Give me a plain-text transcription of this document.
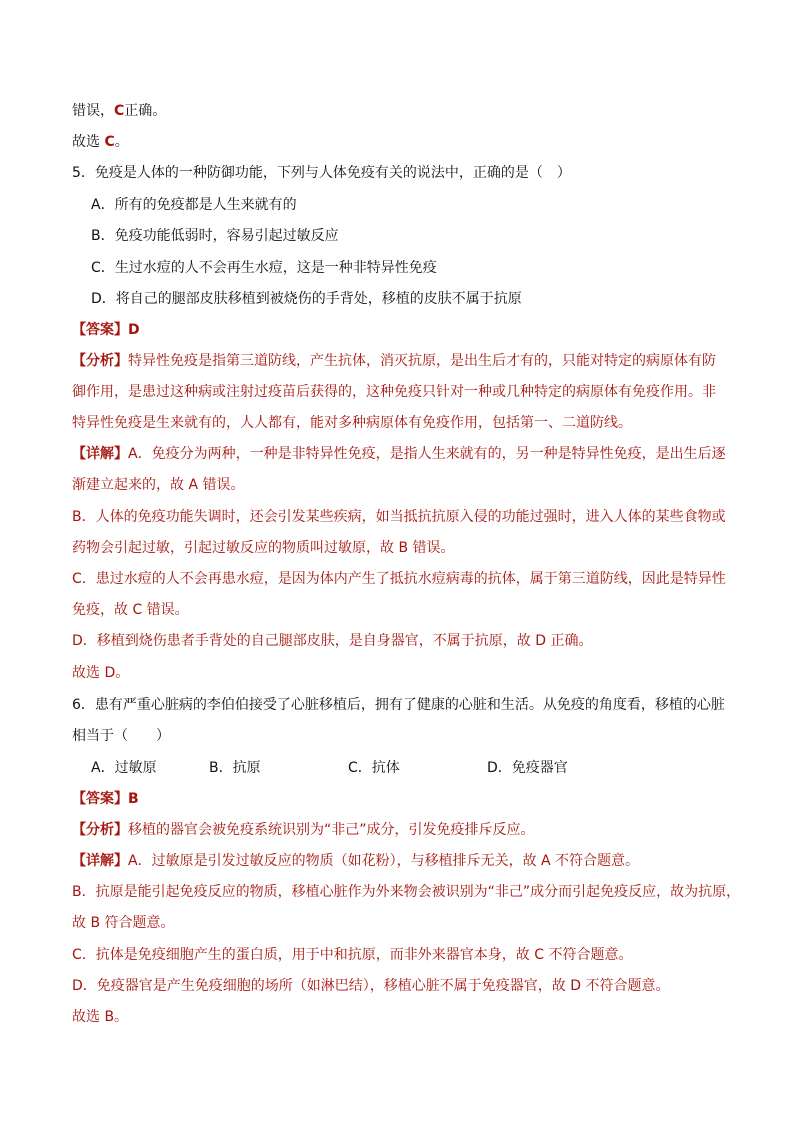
错误，C正确。
故选 C。
5．免疫是人体的一种防御功能，下列与人体免疫有关的说法中，正确的是（　）
A．所有的免疫都是人生来就有的
B．免疫功能低弱时，容易引起过敏反应
C．生过水痘的人不会再生水痘，这是一种非特异性免疫
D．将自己的腿部皮肤移植到被烧伤的手背处，移植的皮肤不属于抗原
【答案】D
【分析】特异性免疫是指第三道防线，产生抗体，消灭抗原，是出生后才有的，只能对特定的病原体有防
御作用，是患过这种病或注射过疫苗后获得的，这种免疫只针对一种或几种特定的病原体有免疫作用。非
特异性免疫是生来就有的，人人都有，能对多种病原体有免疫作用，包括第一、二道防线。
【详解】A．免疫分为两种，一种是非特异性免疫，是指人生来就有的，另一种是特异性免疫，是出生后逐
渐建立起来的，故 A 错误。
B．人体的免疫功能失调时，还会引发某些疾病，如当抵抗抗原入侵的功能过强时，进入人体的某些食物或
药物会引起过敏，引起过敏反应的物质叫过敏原，故 B 错误。
C．患过水痘的人不会再患水痘，是因为体内产生了抵抗水痘病毒的抗体，属于第三道防线，因此是特异性
免疫，故 C 错误。
D．移植到烧伤患者手背处的自己腿部皮肤，是自身器官，不属于抗原，故 D 正确。
故选 D。
6．患有严重心脏病的李伯伯接受了心脏移植后，拥有了健康的心脏和生活。从免疫的角度看，移植的心脏
相当于（　　）
A．过敏原	B．抗原	C．抗体	D．免疫器官
【答案】B
【分析】移植的器官会被免疫系统识别为“非己”成分，引发免疫排斥反应。
【详解】A．过敏原是引发过敏反应的物质（如花粉），与移植排斥无关，故 A 不符合题意。
B．抗原是能引起免疫反应的物质，移植心脏作为外来物会被识别为“非己”成分而引起免疫反应，故为抗原，
故 B 符合题意。
C．抗体是免疫细胞产生的蛋白质，用于中和抗原，而非外来器官本身，故 C 不符合题意。
D．免疫器官是产生免疫细胞的场所（如淋巴结），移植心脏不属于免疫器官，故 D 不符合题意。
故选 B。
